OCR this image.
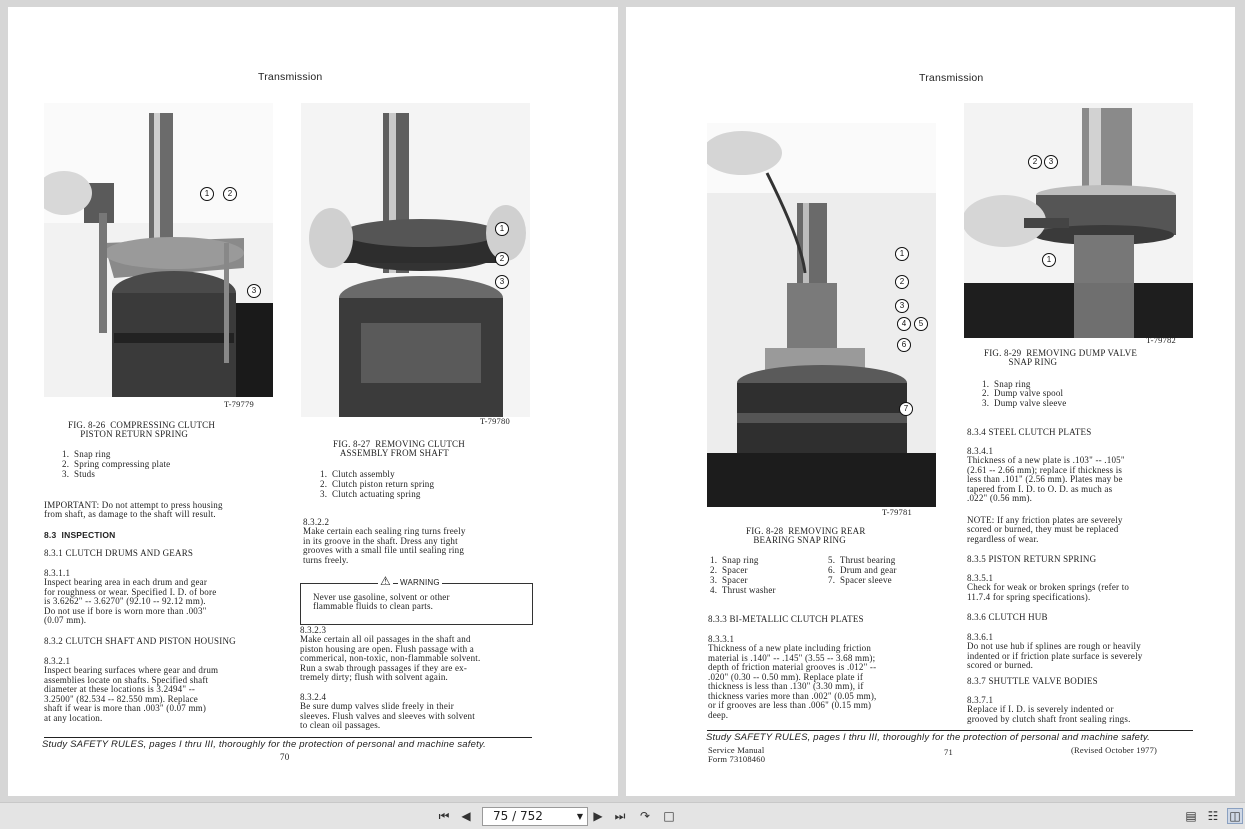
Transmission
1	2
3
T-79779
FIG. 8-26  COMPRESSING CLUTCH
PISTON RETURN SPRING
1.  Snap ring
2.  Spring compressing plate
3.  Studs
1
2
3
T-79780
FIG. 8-27  REMOVING CLUTCH
ASSEMBLY FROM SHAFT
1.  Clutch assembly
2.  Clutch piston return spring
3.  Clutch actuating spring
IMPORTANT: Do not attempt to press housing
from shaft, as damage to the shaft will result.
8.3  INSPECTION
8.3.1 CLUTCH DRUMS AND GEARS
8.3.1.1
Inspect bearing area in each drum and gear
for roughness or wear. Specified I. D. of bore
is 3.6262" -- 3.6270" (92.10 -- 92.12 mm).
Do not use if bore is worn more than .003"
(0.07 mm).
8.3.2 CLUTCH SHAFT AND PISTON HOUSING
8.3.2.1
Inspect bearing surfaces where gear and drum
assemblies locate on shafts. Specified shaft
diameter at these locations is 3.2494" --
3.2500" (82.534 -- 82.550 mm). Replace
shaft if wear is more than .003" (0.07 mm)
at any location.
8.3.2.2
Make certain each sealing ring turns freely
in its groove in the shaft. Dress any tight
grooves with a small file until sealing ring
turns freely.
⚠ WARNING
Never use gasoline, solvent or other
flammable fluids to clean parts.
8.3.2.3
Make certain all oil passages in the shaft and
piston housing are open. Flush passage with a
commerical, non-toxic, non-flammable solvent.
Run a swab through passages if they are ex-
tremely dirty; flush with solvent again.
8.3.2.4
Be sure dump valves slide freely in their
sleeves. Flush valves and sleeves with solvent
to clean oil passages.
Study SAFETY RULES, pages I thru III, thoroughly for the protection of personal and machine safety.
70
Transmission
1
2
3
4	5
6
7
T-79781
FIG. 8-28  REMOVING REAR
BEARING SNAP RING
1.  Snap ring
2.  Spacer
3.  Spacer
4.  Thrust washer
5.  Thrust bearing
6.  Drum and gear
7.  Spacer sleeve
2	3
1
T-79782
FIG. 8-29  REMOVING DUMP VALVE
SNAP RING
1.  Snap ring
2.  Dump valve spool
3.  Dump valve sleeve
8.3.4 STEEL CLUTCH PLATES
8.3.4.1
Thickness of a new plate is .103" -- .105"
(2.61 -- 2.66 mm); replace if thickness is
less than .101" (2.56 mm). Plates may be
tapered from I. D. to O. D. as much as
.022" (0.56 mm).
NOTE: If any friction plates are severely
scored or burned, they must be replaced
regardless of wear.
8.3.5 PISTON RETURN SPRING
8.3.5.1
Check for weak or broken springs (refer to
11.7.4 for spring specifications).
8.3.6 CLUTCH HUB
8.3.6.1
Do not use hub if splines are rough or heavily
indented or if friction plate surface is severely
scored or burned.
8.3.7 SHUTTLE VALVE BODIES
8.3.7.1
Replace if I. D. is severely indented or
grooved by clutch shaft front sealing rings.
8.3.3 BI-METALLIC CLUTCH PLATES
8.3.3.1
Thickness of a new plate including friction
material is .140" -- .145" (3.55 -- 3.68 mm);
depth of friction material grooves is .012" --
.020" (0.30 -- 0.50 mm). Replace plate if
thickness is less than .130" (3.30 mm), if
thickness varies more than .002" (0.05 mm),
or if grooves are less than .006" (0.15 mm)
deep.
Study SAFETY RULES, pages I thru III, thoroughly for the protection of personal and machine safety.
Service Manual
Form 73108460
71	(Revised October 1977)
⏮ ◀ 75 / 752	▼ ▶ ⏭ ↷ □	▤ ☷ ◫
